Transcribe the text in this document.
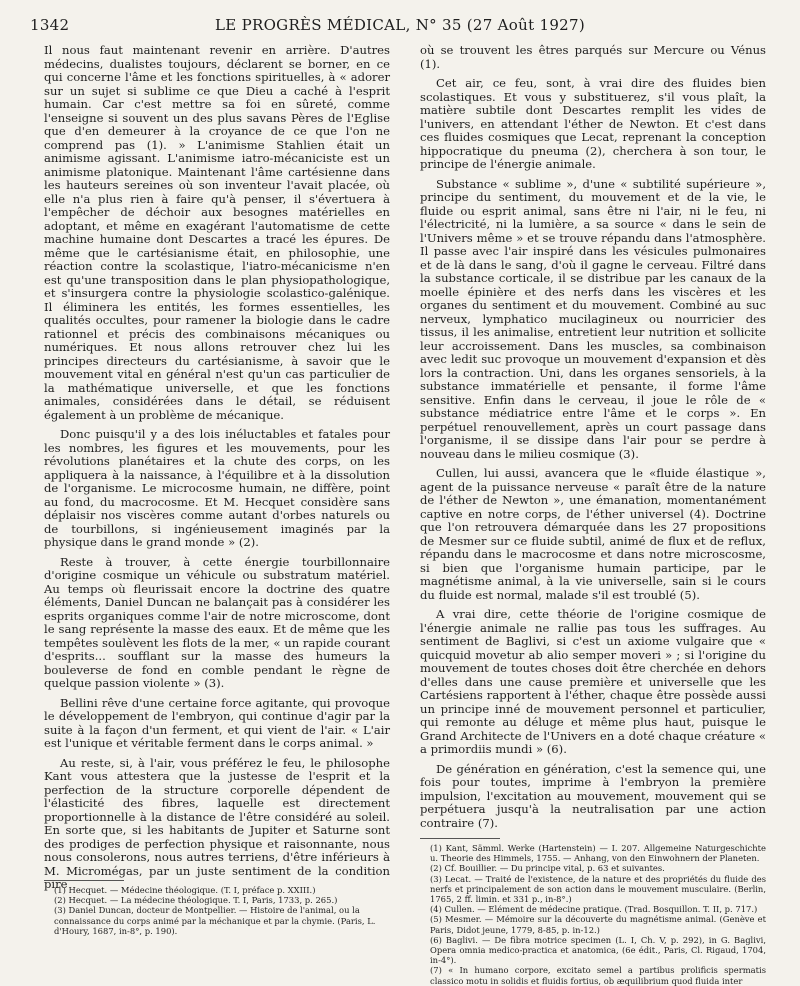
1342	LE PROGRÈS MÉDICAL, N° 35 (27 Août 1927)

Il nous faut maintenant revenir en arrière. D'autres médecins, dualistes toujours, déclarent se borner, en ce qui concerne l'âme et les fonctions spirituelles, à « adorer sur un sujet si sublime ce que Dieu a caché à l'esprit humain. Car c'est mettre sa foi en sûreté, comme l'enseigne si souvent un des plus savans Pères de l'Eglise que d'en demeurer à la croyance de ce que l'on ne comprend pas (1). » L'animisme Stahlien était un animisme agissant. L'animisme iatro-mécaniciste est un animisme platonique. Maintenant l'âme cartésienne dans les hauteurs sereines où son inventeur l'avait placée, où elle n'a plus rien à faire qu'à penser, il s'évertuera à l'empêcher de déchoir aux besognes matérielles en adoptant, et même en exagérant l'automatisme de cette machine humaine dont Descartes a tracé les épures. De même que le cartésianisme était, en philosophie, une réaction contre la scolastique, l'iatro-mécanicisme n'en est qu'une transposition dans le plan physiopathologique, et s'insurgera contre la physiologie scolastico-galénique. Il éliminera les entités, les formes essentielles, les qualités occultes, pour ramener la biologie dans le cadre rationnel et précis des combinaisons mécaniques ou numériques. Et nous allons retrouver chez lui les principes directeurs du cartésianisme, à savoir que le mouvement vital en général n'est qu'un cas particulier de la mathématique universelle, et que les fonctions animales, considérées dans le détail, se réduisent également à un problème de mécanique.

Donc puisqu'il y a des lois inéluctables et fatales pour les nombres, les figures et les mouvements, pour les révolutions planétaires et la chute des corps, on les appliquera à la naissance, à l'équilibre et à la dissolution de l'organisme. Le microcosme humain, ne diffère, point au fond, du macrocosme. Et M. Hecquet considère sans déplaisir nos viscères comme autant d'orbes naturels ou de tourbillons, si ingénieusement imaginés par la physique dans le grand monde » (2).

Reste à trouver, à cette énergie tourbillonnaire d'origine cosmique un véhicule ou substratum matériel. Au temps où fleurissait encore la doctrine des quatre éléments, Daniel Duncan ne balançait pas à considérer les esprits organiques comme l'air de notre microscome, dont le sang représente la masse des eaux. Et de même que les tempêtes soulèvent les flots de la mer, « un rapide courant d'esprits... soufflant sur la masse des humeurs la bouleverse de fond en comble pendant le règne de quelque passion violente » (3).

Bellini rêve d'une certaine force agitante, qui provoque le développement de l'embryon, qui continue d'agir par la suite à la façon d'un ferment, et qui vient de l'air. « L'air est l'unique et véritable ferment dans le corps animal. »

Au reste, si, à l'air, vous préférez le feu, le philosophe Kant vous attestera que la justesse de l'esprit et la perfection de la structure corporelle dépendent de l'élasticité des fibres, laquelle est directement proportionnelle à la distance de l'être considéré au soleil. En sorte que, si les habitants de Jupiter et Saturne sont des prodiges de perfection physique et raisonnante, nous nous consolerons, nous autres terriens, d'être inférieurs à M. Micromégas, par un juste sentiment de la condition pire

(1) Hecquet. — Médecine théologique. (T. I, préface p. XXIII.)

(2) Hecquet. — La médecine théologique. T. I, Paris, 1733, p. 265.)

(3) Daniel Duncan, docteur de Montpellier. — Histoire de l'animal, ou la connaissance du corps animé par la méchanique et par la chymie. (Paris, L. d'Houry, 1687, in-8°, p. 190).

où se trouvent les êtres parqués sur Mercure ou Vénus (1).

Cet air, ce feu, sont, à vrai dire des fluides bien scolastiques. Et vous y substituerez, s'il vous plaît, la matière subtile dont Descartes remplit les vides de l'univers, en attendant l'éther de Newton. Et c'est dans ces fluides cosmiques que Lecat, reprenant la conception hippocratique du pneuma (2), cherchera à son tour, le principe de l'énergie animale.

Substance « sublime », d'une « subtilité supérieure », principe du sentiment, du mouvement et de la vie, le fluide ou esprit animal, sans être ni l'air, ni le feu, ni l'électricité, ni la lumière, a sa source « dans le sein de l'Univers même » et se trouve répandu dans l'atmosphère. Il passe avec l'air inspiré dans les vésicules pulmonaires et de là dans le sang, d'où il gagne le cerveau. Filtré dans la substance corticale, il se distribue par les canaux de la moelle épinière et des nerfs dans les viscères et les organes du sentiment et du mouvement. Combiné au suc nerveux, lymphatico mucilagineux ou nourricier des tissus, il les animalise, entretient leur nutrition et sollicite leur accroissement. Dans les muscles, sa combinaison avec ledit suc provoque un mouvement d'expansion et dès lors la contraction. Uni, dans les organes sensoriels, à la substance immatérielle et pensante, il forme l'âme sensitive. Enfin dans le cerveau, il joue le rôle de « substance médiatrice entre l'âme et le corps ». En perpétuel renouvellement, après un court passage dans l'organisme, il se dissipe dans l'air pour se perdre à nouveau dans le milieu cosmique (3).

Cullen, lui aussi, avancera que le «fluide élastique », agent de la puissance nerveuse « paraît être de la nature de l'éther de Newton », une émanation, momentanément captive en notre corps, de l'éther universel (4). Doctrine que l'on retrouvera démarquée dans les 27 propositions de Mesmer sur ce fluide subtil, animé de flux et de reflux, répandu dans le macrocosme et dans notre microscosme, si bien que l'organisme humain participe, par le magnétisme animal, à la vie universelle, sain si le cours du fluide est normal, malade s'il est troublé (5).

A vrai dire, cette théorie de l'origine cosmique de l'énergie animale ne rallie pas tous les suffrages. Au sentiment de Baglivi, si c'est un axiome vulgaire que « quicquid movetur ab alio semper moveri » ; si l'origine du mouvement de toutes choses doit être cherchée en dehors d'elles dans une cause première et universelle que les Cartésiens rapportent à l'éther, chaque être possède aussi un principe inné de mouvement personnel et particulier, qui remonte au déluge et même plus haut, puisque le Grand Architecte de l'Univers en a doté chaque créature « a primordiis mundi » (6).

De génération en génération, c'est la semence qui, une fois pour toutes, imprime à l'embryon la première impulsion, l'excitation au mouvement, mouvement qui se perpétuera jusqu'à la neutralisation par une action contraire (7).

(1) Kant, Sämml. Werke (Hartenstein) — I. 207. Allgemeine Naturgeschichte u. Theorie des Himmels, 1755. — Anhang, von den Einwohnern der Planeten.

(2) Cf. Bouillier. — Du principe vital, p. 63 et suivantes.

(3) Lecat. — Traité de l'existence, de la nature et des propriétés du fluide des nerfs et principalement de son action dans le mouvement musculaire. (Berlin, 1765, 2 ff. limin. et 331 p., in-8°.)

(4) Cullen. — Elément de médecine pratique. (Trad. Bosquillon. T. II, p. 717.)

(5) Mesmer. — Mémoire sur la découverte du magnétisme animal. (Genève et Paris, Didot jeune, 1779, 8-85, p. in-12.)

(6) Baglivi. — De fibra motrice specimen (L. I, Ch. V, p. 292), in G. Baglivi, Opera omnia medico-practica et anatomica, (6e édit., Paris, Cl. Rigaud, 1704, in-4°).

(7) « In humano corpore, excitato semel a partibus prolificis spermatis classico motu in solidis et fluidis fortius, ob æquilibrium quod fluida inter
